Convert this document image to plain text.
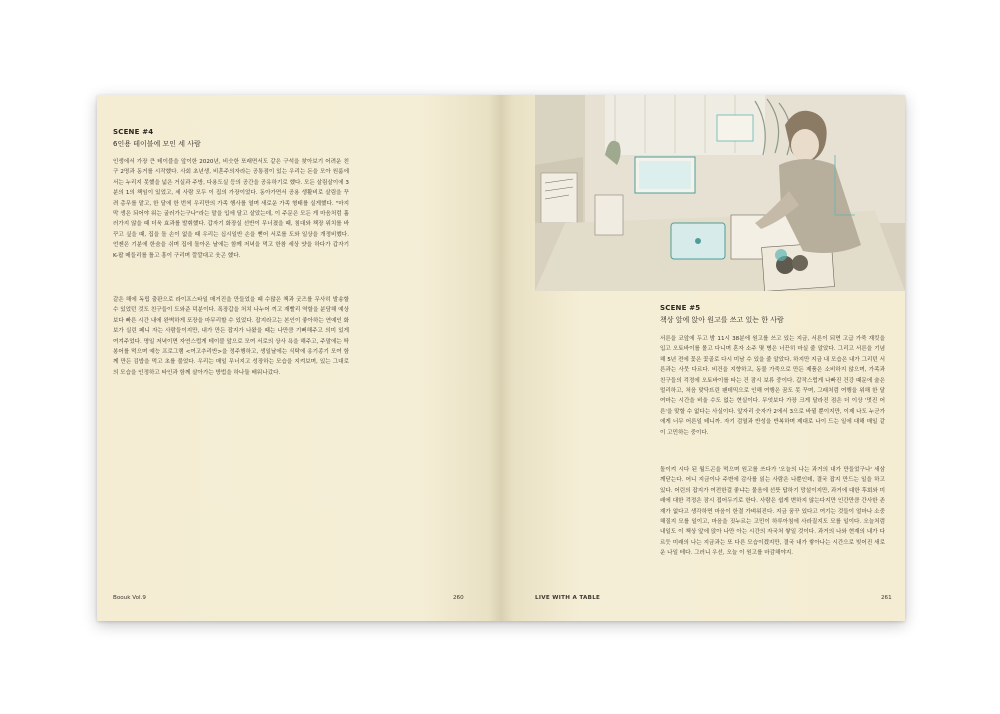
SCENE #4
6인용 테이블에 모인 세 사람

인생에서 가장 큰 테이블을 앞이한 2020년, 비슷한 또래면서도 같은 구석을 찾아보기 어려운 친구 2명과 동거를 시작했다. 사회 초년생, 비혼주의자라는 공통점이 있는 우리는 돈을 모아 원룸에서는 누리지 못했을 넓은 거실과 주방, 다용도실 등의 공간을 공유하기로 했다. 모든 살림살이에 3분의 1의 책임이 있었고, 세 사람 모두 이 집의 가장이었다. 동아가면서 공용 생활비로 살림을 꾸려 총무를 맡고, 한 달에 한 번씩 우리만의 가족 행사를 열며 새로운 가족 형태를 실게했다. "마지막 생은 되어야 워는 굴러가는구나"라는 말을 입에 달고 살았는데, 이 주문은 모든 게 마음처럼 흘러가지 않을 때 더욱 효과를 발휘했다. 갑자기 화장실 선반이 무너졌을 때, 침대와 책장 위치를 바꾸고 싶을 때, 집을 돌 손이 없을 때 우리는 십시일반 손을 뻗어 서로를 도와 일상을 개정비했다. 언젠은 기분에 한숨을 쉬며 집에 돌아온 날에는 함께 저녁을 먹고 한참 세상 얏을 하다가 갑자기 K-팝 메들리를 틀고 흥이 구리며 깔깔대고 웃곤 했다.

같은 해에 독립 출판으로 라이프스타일 매거진을 만들었을 때 수많은 책과 굿즈를 무사히 발송할 수 있었던 것도 친구들이 도와준 덕분이다. 폭장갑을 처치 나누어 끼고 재빨리 역할을 분담해 예상보다 빠른 시간 내에 완벽하게 포장을 마무리할 수 있었다. 잡지라고는 본인이 좋아하는 연예인 화보가 실린 페니 자는 사람들이지만, 내가 만든 잡지가 나왔을 때는 나만큼 기뻐해주고 의미 있게 여겨주었다. 명일 저녁이면 자연스럽게 테이블 앞으로 모여 서로의 상사 욕을 해주고, 주말에는 딱봉어를 먹으며 예능 프로그램 <여고추리반>을 정주행하고, 생일날에는 식탁에 옹기종기 모여 함께 만든 김밥을 먹고 초를 불었다. 우리는 매일 무너지고 성장하는 모습을 지켜보며, 있는 그대로의 모습을 인정하고 타인과 함께 살아가는 방법을 하나둘 배워나갔다.

Boouk Vol.9	260
SCENE #5
책상 앞에 앉아 원고를 쓰고 있는 한 사람

서른을 코앞에 두고 밤 11시 38분에 원고를 쓰고 있는 지금, 서른이 되면 고급 가죽 재킷을 입고 오토바이를 몰고 다니며 혼자 소주 몇 병은 너끈히 마실 줄 알았다. 그리고 서른을 기념해 5년 전에 꽃은 꽃골로 다시 미남 수 있을 줄 알았다. 하지만 지금 내 모습은 내가 그리던 서른과는 사뭇 다르다. 비건을 지향하고, 동물 가죽으로 만든 제품은 소비하지 않으며, 가족과 친구들의 걱정에 오토바이를 타는 건 잠시 보류 중이다. 갑작스럽게 나빠진 건강 때문에 술은 멀리하고, 처음 맞닥뜨린 팬데믹으로 인해 여행은 꿈도 못 꾸며, 그래처럼 여행을 위해 한 달여마는 시간을 비울 수도 없는 현실이다. 무엇보다 가장 크게 달라진 점은 더 이상 '멋진 어른'을 맞할 수 없다는 사실이다. 앞자리 숫자가 2에서 3으로 바뀔 뿐이지만, 이제 나도 누군가에게 너무 어른일 테니까. 자기 검열과 반성을 반복하며 제대로 나이 드는 일에 대해 매일 같이 고민하는 중이다.

돌이켜 시다 된 월드곤을 먹으며 원고를 쓰다가 '오늘의 나는 과거의 내가 만들었구나' 새삼 깨닫는다. 어니 지금이나 주변에 감사를 읽는 사람은 나뿐인데, 결국 잡지 만드는 일을 하고 있다. 어린의 잡지가 여전한걸 좋냐는 물음에 선뜻 답하기 망설이지만, 과거에 대한 후회와 미래에 대한 걱정은 잠시 접어두기로 한다. 사람은 쉽게 변하지 않는다지만 인간만큼 간사한 존재가 없다고 생각하면 마음이 한결 가벼워진다. 지금 꿈꾸 있다고 여기는 것들이 얼마나 소중해질지 모를 일이고, 마음을 짓누르는 고민이 하루아침에 사라질지도 모를 일이다. 오늘처럼 내일도 이 책상 앞에 앉아 나만 아는 시간의 자국처 쌓일 것이다. 과거의 나와 현재의 내가 다르듯 미래의 나는 지금과는 또 다른 모습이겠지만, 결국 내가 쌓아나는 시간으로 빚어진 새로운 나일 테다. 그러니 우선, 오늘 이 원고를 마감해야지.

LIVE WITH A TABLE	261
